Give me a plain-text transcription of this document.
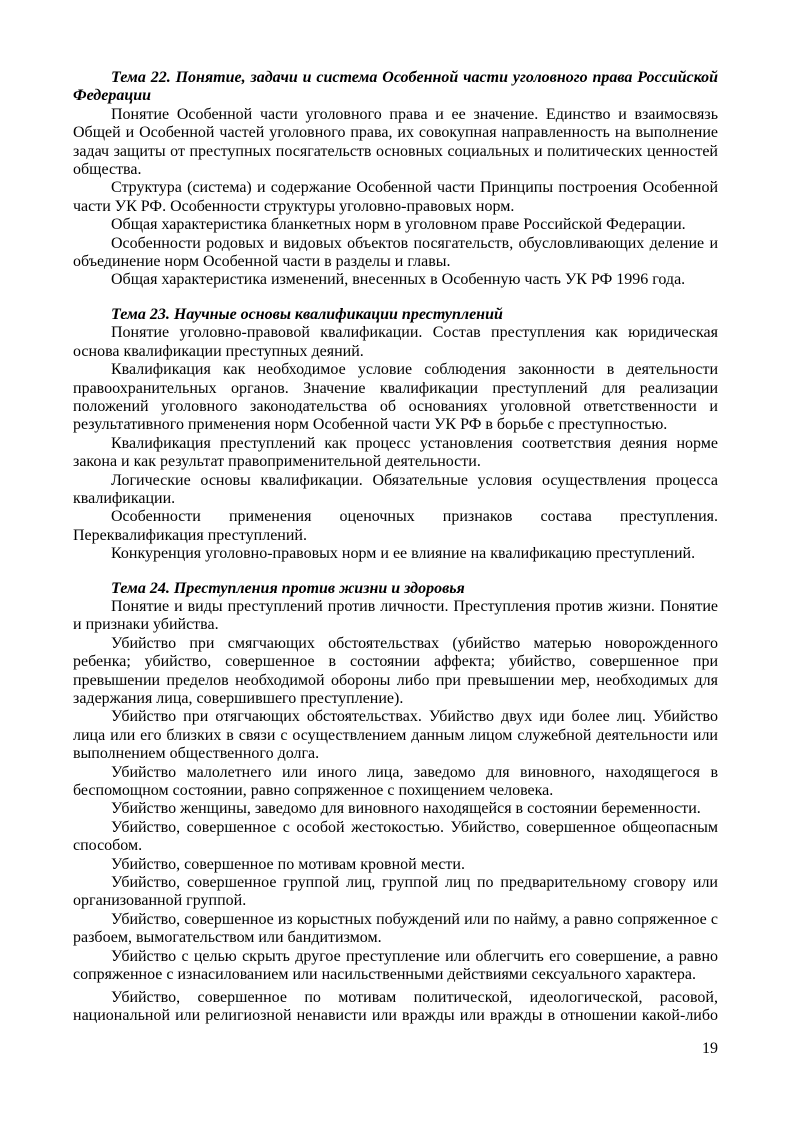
Тема 22. Понятие, задачи и система Особенной части уголовного права Российской Федерации

Понятие Особенной части уголовного права и ее значение. Единство и взаимосвязь Общей и Особенной частей уголовного права, их совокупная направленность на выполнение задач защиты от преступных посягательств основных социальных и политических ценностей общества.

Структура (система) и содержание Особенной части Принципы построения Особенной части УК РФ. Особенности структуры уголовно-правовых норм.

Общая характеристика бланкетных норм в уголовном праве Российской Федерации.

Особенности родовых и видовых объектов посягательств, обусловливающих деление и объединение норм Особенной части в разделы и главы.

Общая характеристика изменений, внесенных в Особенную часть УК РФ 1996 года.

Тема 23. Научные основы квалификации преступлений

Понятие уголовно-правовой квалификации. Состав преступления как юридическая основа квалификации преступных деяний.

Квалификация как необходимое условие соблюдения законности в деятельности правоохранительных органов. Значение квалификации преступлений для реализации положений уголовного законодательства об основаниях уголовной ответственности и результативного применения норм Особенной части УК РФ в борьбе с преступностью.

Квалификация преступлений как процесс установления соответствия деяния норме закона и как результат правоприменительной деятельности.

Логические основы квалификации. Обязательные условия осуществления процесса квалификации.

Особенности применения оценочных признаков состава преступления. Переквалификация преступлений.

Конкуренция уголовно-правовых норм и ее влияние на квалификацию преступлений.

Тема 24. Преступления против жизни и здоровья

Понятие и виды преступлений против личности. Преступления против жизни. Понятие и признаки убийства.

Убийство при смягчающих обстоятельствах (убийство матерью новорожденного ребенка; убийство, совершенное в состоянии аффекта; убийство, совершенное при превышении пределов необходимой обороны либо при превышении мер, необходимых для задержания лица, совершившего преступление).

Убийство при отягчающих обстоятельствах. Убийство двух иди более лиц. Убийство лица или его близких в связи с осуществлением данным лицом служебной деятельности или выполнением общественного долга.

Убийство малолетнего или иного лица, заведомо для виновного, находящегося в беспомощном состоянии, равно сопряженное с похищением человека.

Убийство женщины, заведомо для виновного находящейся в состоянии беременности.

Убийство, совершенное с особой жестокостью. Убийство, совершенное общеопасным способом.

Убийство, совершенное по мотивам кровной мести.

Убийство, совершенное группой лиц, группой лиц по предварительному сговору или организованной группой.

Убийство, совершенное из корыстных побуждений или по найму, а равно сопряженное с разбоем, вымогательством или бандитизмом.

Убийство с целью скрыть другое преступление или облегчить его совершение, а равно сопряженное с изнасилованием или насильственными действиями сексуального характера.

Убийство, совершенное по мотивам политической, идеологической, расовой, национальной или религиозной ненависти или вражды или вражды в отношении какой-либо

19
